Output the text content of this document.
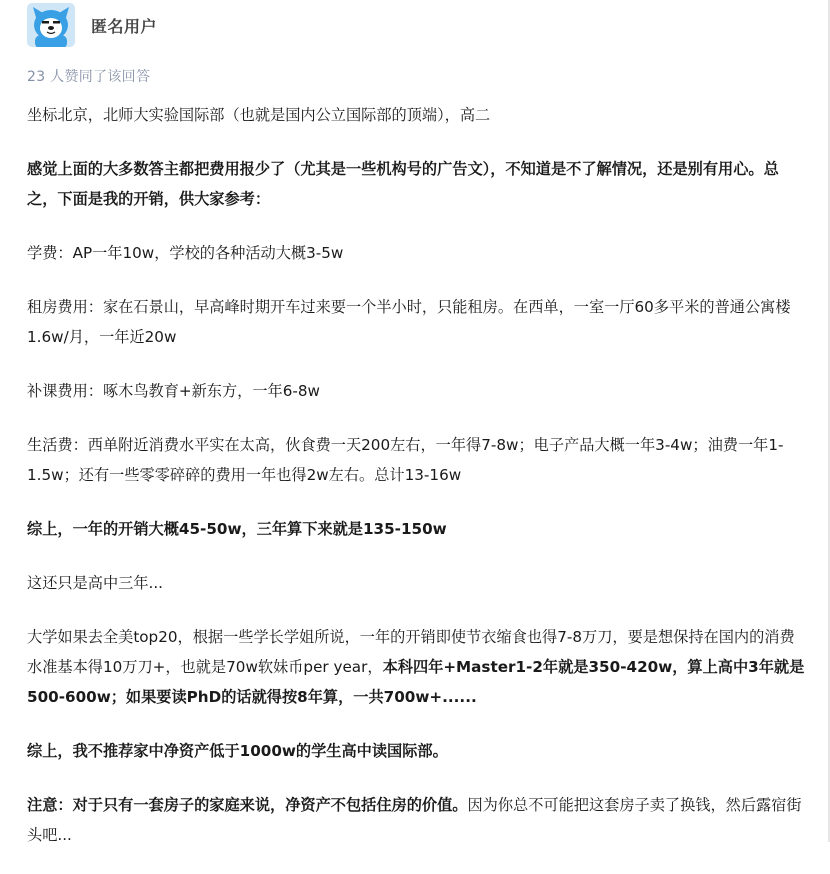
匿名用户
23 人赞同了该回答

坐标北京，北师大实验国际部（也就是国内公立国际部的顶端），高二

感觉上面的大多数答主都把费用报少了（尤其是一些机构号的广告文），不知道是不了解情况，还是别有用心。总之，下面是我的开销，供大家参考：

学费：AP一年10w，学校的各种活动大概3-5w

租房费用：家在石景山，早高峰时期开车过来要一个半小时，只能租房。在西单，一室一厅60多平米的普通公寓楼1.6w/月，一年近20w

补课费用：啄木鸟教育+新东方，一年6-8w

生活费：西单附近消费水平实在太高，伙食费一天200左右，一年得7-8w；电子产品大概一年3-4w；油费一年1-1.5w；还有一些零零碎碎的费用一年也得2w左右。总计13-16w

综上，一年的开销大概45-50w，三年算下来就是135-150w

这还只是高中三年...

大学如果去全美top20，根据一些学长学姐所说，一年的开销即使节衣缩食也得7-8万刀，要是想保持在国内的消费水准基本得10万刀+，也就是70w软妹币per year，本科四年+Master1-2年就是350-420w，算上高中3年就是500-600w；如果要读PhD的话就得按8年算，一共700w+......

综上，我不推荐家中净资产低于1000w的学生高中读国际部。

注意：对于只有一套房子的家庭来说，净资产不包括住房的价值。因为你总不可能把这套房子卖了换钱，然后露宿街头吧...
